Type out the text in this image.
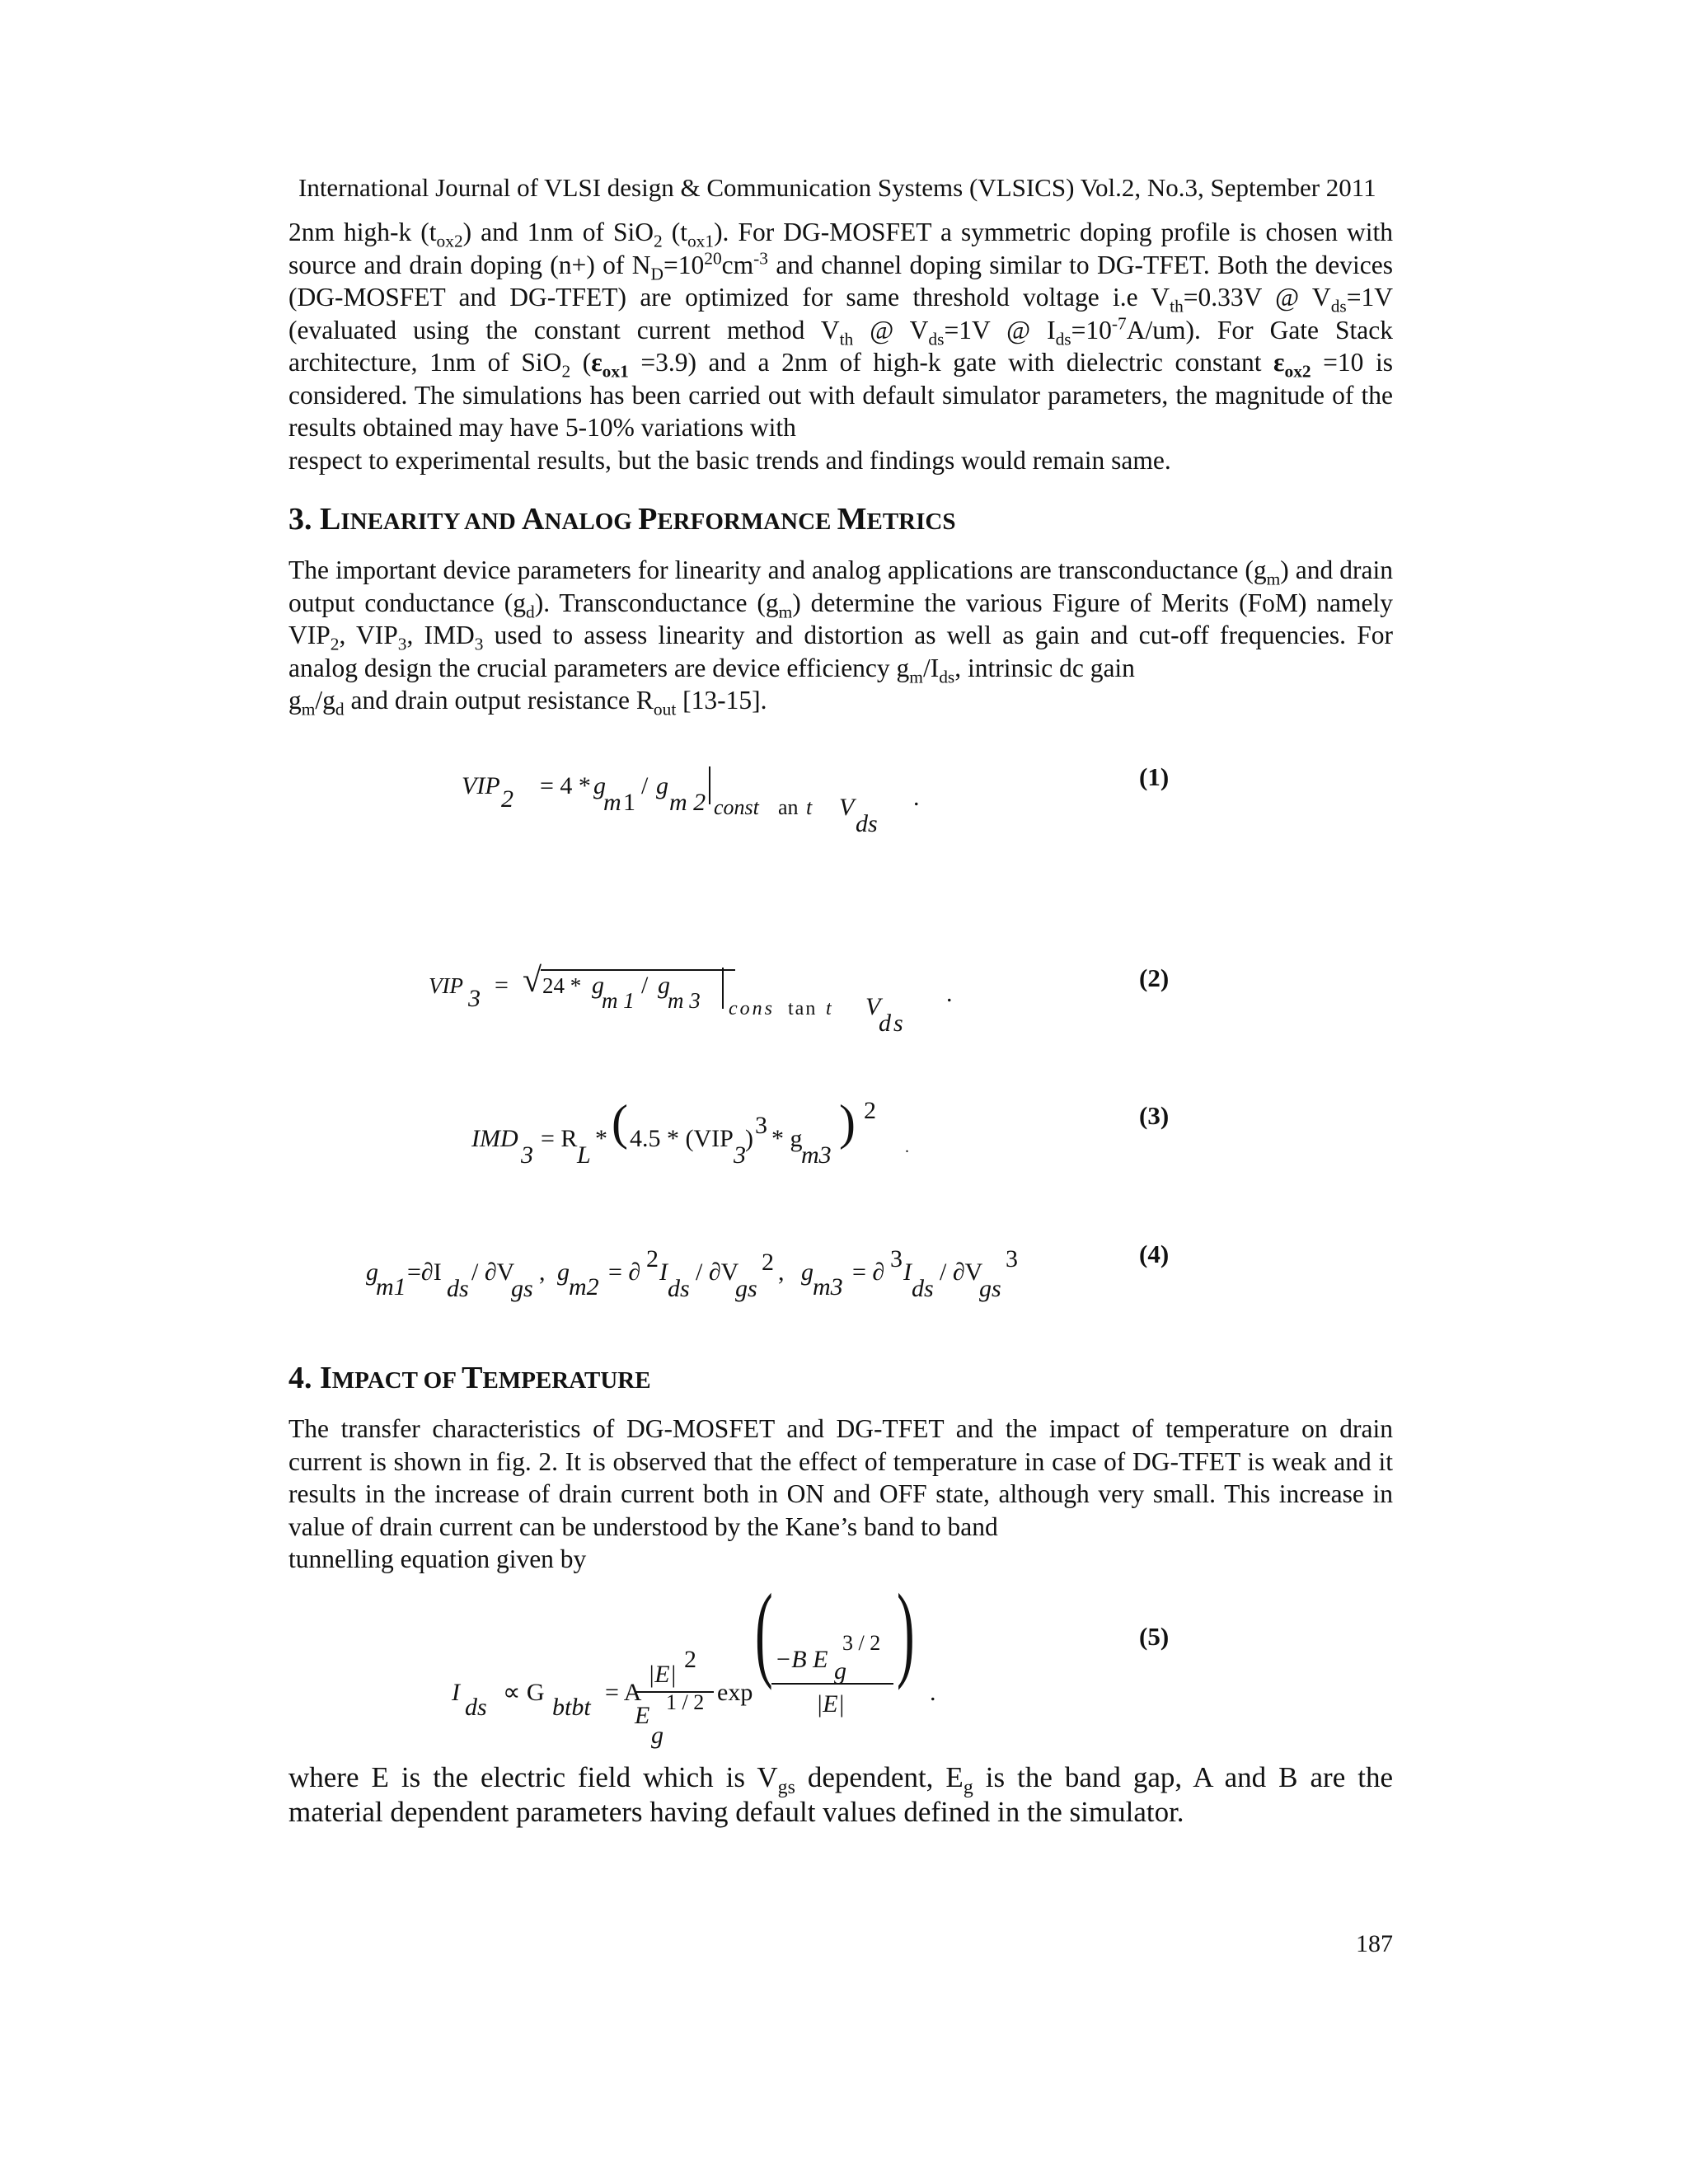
International Journal of VLSI design & Communication Systems (VLSICS) Vol.2, No.3, September 2011

2nm high-k $(t_{ox2})$ and 1nm of SiO$_2$ $(t_{ox1})$. For DG-MOSFET a symmetric doping profile is chosen with source and drain doping (n+) of $N_D=10^{20}cm^{-3}$ and channel doping similar to DG-TFET. Both the devices (DG-MOSFET and DG-TFET) are optimized for same threshold voltage i.e $V_{th}=0.33V$ @ $V_{ds}=1V$ (evaluated using the constant current method $V_{th}$ @ $V_{ds}=1V$ @ $I_{ds}=10^{-7}A/um$). For Gate Stack architecture, 1nm of SiO$_2$ $(\varepsilon_{ox1} =3.9)$ and a 2nm of high-k gate with dielectric constant $\varepsilon_{ox2} =10$ is considered. The simulations has been carried out with default simulator parameters, the magnitude of the results obtained may have 5-10% variations with
respect to experimental results, but the basic trends and findings would remain same.

3. LINEARITY AND ANALOG PERFORMANCE METRICS

The important device parameters for linearity and analog applications are transconductance $(g_m)$ and drain output conductance $(g_d)$. Transconductance $(g_m)$ determine the various Figure of Merits (FoM) namely $VIP_2$, $VIP_3$, $IMD_3$ used to assess linearity and distortion as well as gain and cut-off frequencies. For analog design the crucial parameters are device efficiency $g_m/I_{ds}$, intrinsic dc gain
$g_m/g_d$ and drain output resistance $R_{out}$ [13-15].

VIP 2 = 4 * g
m 1
/ g
m 2 const an t V
ds
.
(1)
VIP 3 = √ 24 * g
m 1
/ g
m 3 cons tan t V
ds
.
(2)
IMD
3
= R
L
* ( 4.5 * (VIP
3
) 3 * g
m3
) 2
.
(3)
g
m1
=∂I
ds
/ ∂V
gs
, g
m2
= ∂ 2 I
ds
/ ∂V
gs
2 , g
m3
= ∂ 3 I
ds
/ ∂V
gs
3	(4)
4. IMPACT OF TEMPERATURE

The transfer characteristics of DG-MOSFET and DG-TFET and the impact of temperature on drain current is shown in fig. 2. It is observed that the effect of temperature in case of DG-TFET is weak and it results in the increase of drain current both in ON and OFF state, although very small. This increase in value of drain current can be understood by the Kane’s band to band
tunnelling equation given by

I
ds
∝ G
btbt
= A
|E|
2
E
g
1 / 2 exp
( −B E
3 / 2
g
|E|
)
.
(5)

where E is the electric field which is $V_{gs}$ dependent, $E_g$ is the band gap, A and B are the material dependent parameters having default values defined in the simulator.

187
